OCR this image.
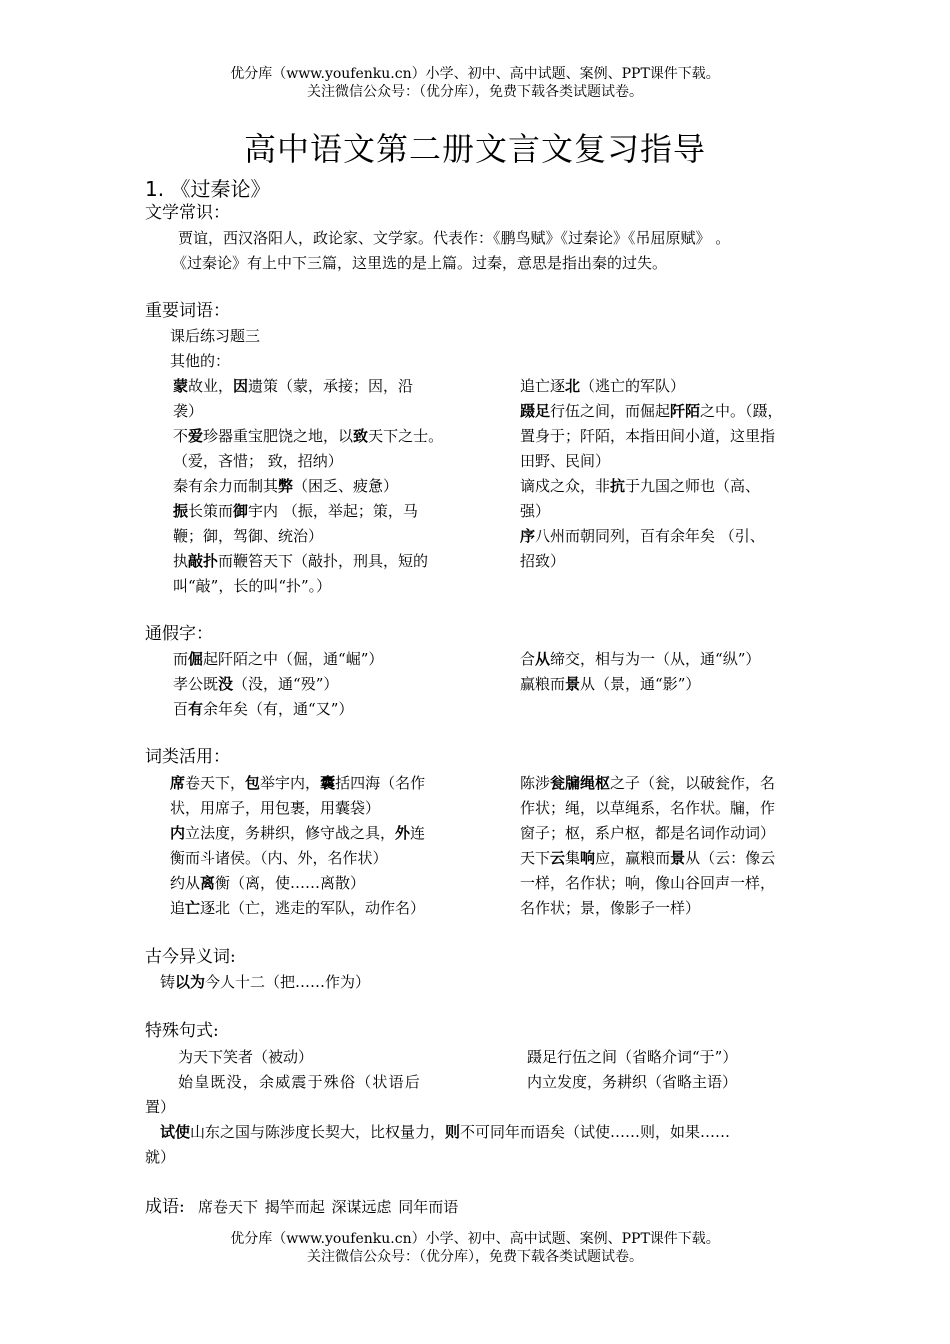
优分库（www.youfenku.cn）小学、初中、高中试题、案例、PPT课件下载。
关注微信公众号：（优分库），免费下载各类试题试卷。
高中语文第二册文言文复习指导
1. 《过秦论》
文学常识：
贾谊，西汉洛阳人，政论家、文学家。代表作：《鹏鸟赋》《过秦论》《吊屈原赋》 。
《过秦论》有上中下三篇，这里选的是上篇。过秦，意思是指出秦的过失。
重要词语：
课后练习题三
其他的：

蒙故业，因遗策（蒙，承接；因，沿

袭）

不爱珍器重宝肥饶之地，以致天下之士。

（爱，吝惜； 致，招纳）

秦有余力而制其弊（困乏、疲惫）

振长策而御宇内 （振，举起；策，马

鞭；御，驾御、统治）

执敲扑而鞭笞天下（敲扑，刑具，短的

叫“敲”，长的叫“扑”。）

追亡逐北（逃亡的军队）

蹑足行伍之间，而倔起阡陌之中。（蹑，

置身于；阡陌，本指田间小道，这里指

田野、民间）

谪戍之众，非抗于九国之师也（高、

强）

序八州而朝同列，百有余年矣 （引、

招致）

通假字：

而倔起阡陌之中（倔，通“崛”）

孝公既没（没，通“殁”）

百有余年矣（有，通“又”）

合从缔交，相与为一（从，通“纵”）

赢粮而景从（景，通“影”）

词类活用：

席卷天下，包举宇内，囊括四海（名作

状，用席子，用包裹，用囊袋）

内立法度，务耕织，修守战之具，外连

衡而斗诸侯。（内、外，名作状）

约从离衡（离，使……离散）

追亡逐北（亡，逃走的军队，动作名）

陈涉瓮牖绳枢之子（瓮，以破瓮作，名

作状；绳，以草绳系，名作状。牖，作

窗子；枢，系户枢，都是名词作动词）

天下云集响应，赢粮而景从（云：像云

一样，名作状；响，像山谷回声一样，

名作状；景，像影子一样）

古今异义词:

铸以为今人十二（把……作为）

特殊句式:
为天下笑者（被动）	蹑足行伍之间（省略介词“于”）
始皇既没，余威震于殊俗（状语后	内立发度，务耕织（省略主语）
置）

试使山东之国与陈涉度长契大，比权量力，则不可同年而语矣（试使……则，如果……

就）
成语: 席卷天下 揭竿而起 深谋远虑 同年而语
优分库（www.youfenku.cn）小学、初中、高中试题、案例、PPT课件下载。
关注微信公众号：（优分库），免费下载各类试题试卷。
